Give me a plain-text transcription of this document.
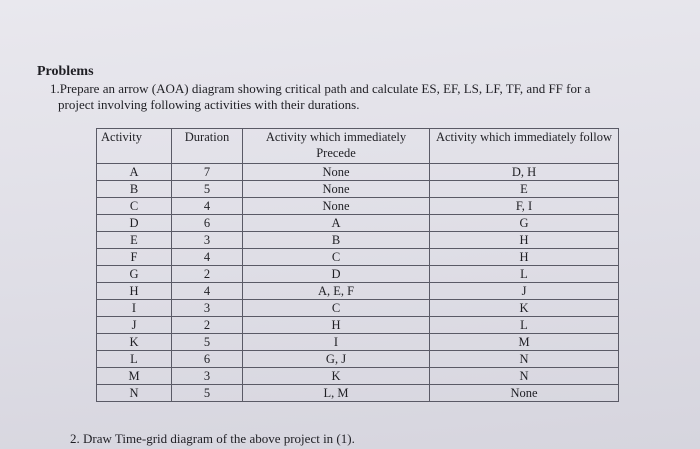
Problems
1.Prepare an arrow (AOA) diagram showing critical path and calculate ES, EF, LS, LF, TF, and FF for a
project involving following activities with their durations.
Activity	Duration	Activity which immediately Precede	Activity which immediately follow
A	7	None	D, H
B	5	None	E
C	4	None	F, I
D	6	A	G
E	3	B	H
F	4	C	H
G	2	D	L
H	4	A, E, F	J
I	3	C	K
J	2	H	L
K	5	I	M
L	6	G, J	N
M	3	K	N
N	5	L, M	None
2. Draw Time-grid diagram of the above project in (1).
